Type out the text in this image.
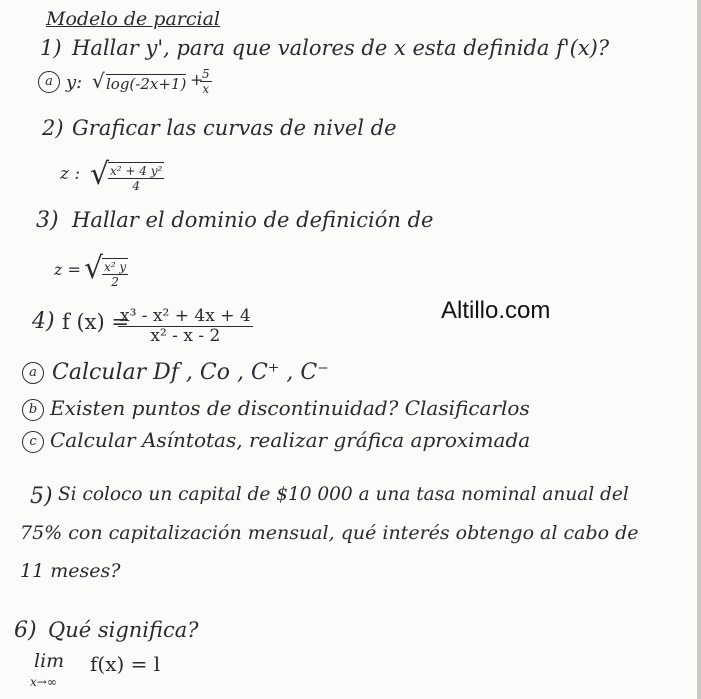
Modelo de parcial
1) Hallar y', para que valores de x esta definida f'(x)?
a y: √ log(-2x+1) +
$\frac{5}{x}$
2) Graficar las curvas de nivel de
z : √
$\frac{\text{x² + 4 y²}}{4}$
3) Hallar el dominio de definición de
z = √
$\frac{\text{x² y}}{2}$
Altillo.com
4) f (x) =
$\frac{\text{x³ - x² + 4x + 4}}{\text{x² - x - 2}}$
a Calcular Df , Co , C⁺ , C⁻
b Existen puntos de discontinuidad? Clasificarlos
c Calcular Asíntotas, realizar gráfica aproximada
5) Si coloco un capital de $10 000 a una tasa nominal anual del
75% con capitalización mensual, qué interés obtengo al cabo de
11 meses?
6) Qué significa?
lim
x→∞
f(x) = l
